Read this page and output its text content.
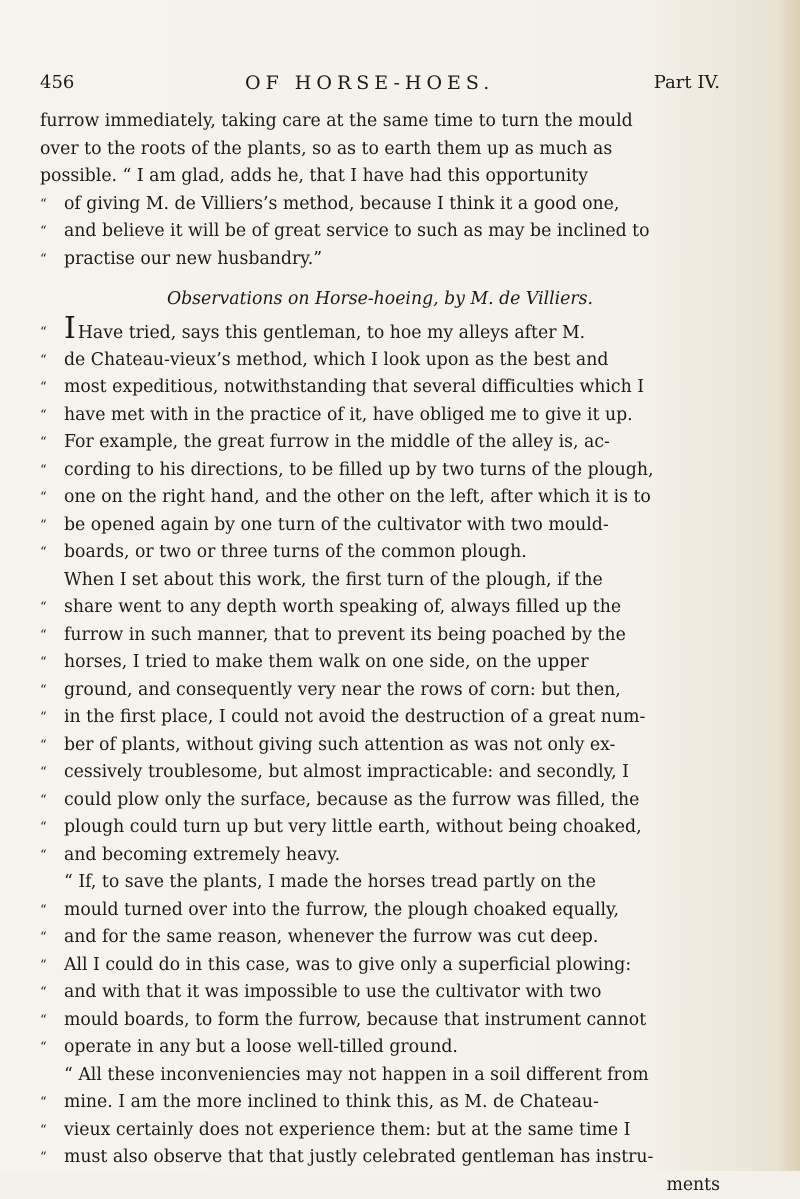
456	OF HORSE-HOES.	Part IV.
furrow immediately, taking care at the same time to turn the mould
over to the roots of the plants, so as to earth them up as much as
possible. “ I am glad, adds he, that I have had this opportunity
“ of giving M. de Villiers’s method, because I think it a good one,
“ and believe it will be of great service to such as may be inclined to
“ practise our new husbandry.”
Observations on Horse-hoeing, by M. de Villiers.
“ I Have tried, says this gentleman, to hoe my alleys after M.
“ de Chateau-vieux’s method, which I look upon as the best and
“ most expeditious, notwithstanding that several difficulties which I
“ have met with in the practice of it, have obliged me to give it up.
“ For example, the great furrow in the middle of the alley is, ac-
“ cording to his directions, to be filled up by two turns of the plough,
“ one on the right hand, and the other on the left, after which it is to
“ be opened again by one turn of the cultivator with two mould-
“ boards, or two or three turns of the common plough.
When I set about this work, the first turn of the plough, if the
“ share went to any depth worth speaking of, always filled up the
“ furrow in such manner, that to prevent its being poached by the
“ horses, I tried to make them walk on one side, on the upper
“ ground, and consequently very near the rows of corn: but then,
“ in the first place, I could not avoid the destruction of a great num-
“ ber of plants, without giving such attention as was not only ex-
“ cessively troublesome, but almost impracticable: and secondly, I
“ could plow only the surface, because as the furrow was filled, the
“ plough could turn up but very little earth, without being choaked,
“ and becoming extremely heavy.
“ If, to save the plants, I made the horses tread partly on the
“ mould turned over into the furrow, the plough choaked equally,
“ and for the same reason, whenever the furrow was cut deep.
“ All I could do in this case, was to give only a superficial plowing:
“ and with that it was impossible to use the cultivator with two
“ mould boards, to form the furrow, because that instrument cannot
“ operate in any but a loose well-tilled ground.
“ All these inconveniencies may not happen in a soil different from
“ mine. I am the more inclined to think this, as M. de Chateau-
“ vieux certainly does not experience them: but at the same time I
“ must also observe that that justly celebrated gentleman has instru-
ments
